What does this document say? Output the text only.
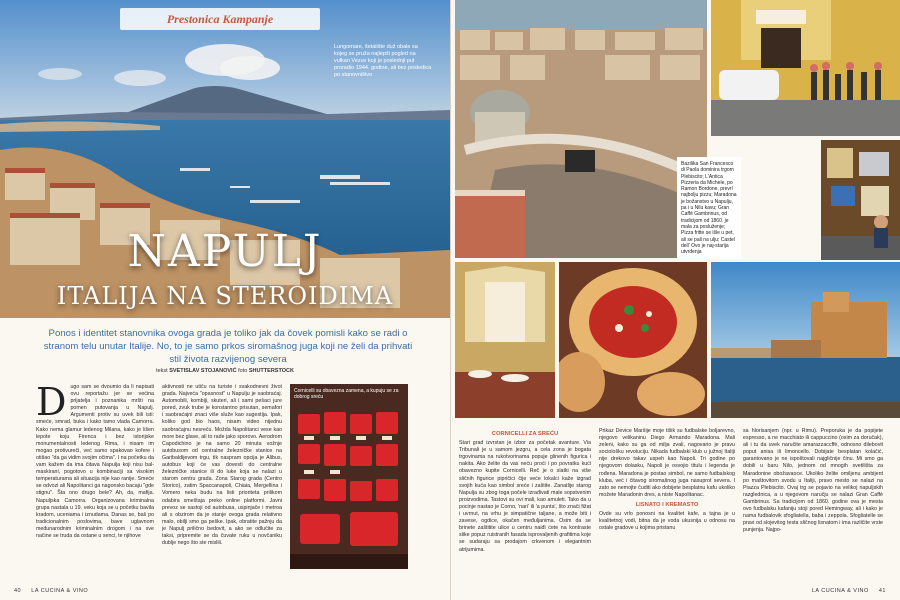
Prestonica Kampanje
Lungomare, šetalište duž obale sa kojeg se pruža najlepši pogled na vulkan Vezuv koji je poslednji put proradio 1944. godine, ali bez posledica po stanovništvo
NAPULJ
ITALIJA NA STEROIDIMA
Ponos i identitet stanovnika ovoga grada je toliko jak da čovek pomisli kako se radi o stranom telu unutar Italije. No, to je samo prkos siromašnog juga koji ne želi da prihvati stil života razvijenog severa
tekst SVETISLAV STOJANOVIĆ foto SHUTTERSTOCK
D ugo sam se dvoumio da li napisati ovu reportažu jer se većina prijatelja i poznanika mršti na pomen putovanja u Napulj. Argumenti protiv su uvek bili isti: smeće, smrad, buka i kako tamo vlada Camorra. Kako nema glamur ledenog Milana, kako je lišen lepote koju Firenca i bez istorijske monumentalnosti ledenog Rima, i nisam im mogao protivureči, već samo spakovao kofere i otišao "da ga vidim svojim očima". I na početku da vam kažem da ima čitava Napulja koji nisu bal-maskirani, pogotovo u kombinaciji sa visokim temperaturama ali situacija nije kao ranije. Smeće se odvozi ali Napolitanci ga nagonsko bacaju "gde stignu". Šta ono drugo bele? Ah, da, mafija. Napuljska Camorra. Organizovana kriminalna grupa nastala u 19. veku koja se u početku bavila kradom, uceniama i iznudama. Danas se, baš po tradicionalnim poslovima, bave uglavnom međunarodnim kriminalnim drogom i na sve načine se truda da ostane u senci, te njihove

aktivnosti ne utiču na turiste i svakodnevni život grada. Najveća "opasnost" u Napulju je saobraćaj. Automobili, kombiji, skuteri, ali i sami pešaci jure pored, zvuk trube je konstantno prisutan, semafori i saobraćajni znaci više služe kao sugestija. Ipak, koliko god bio haos, nisam video nijednu saobraćajnu nesreću. Možda Napolitanci vese kao more bez glave, ali to rade jako sporovo. Aerodrom Capodichino je na samo 20 minuta vožnje autobusom od centralne železničke stanice na Garibaldijevom trgu, tik naspram opcija je Alibus, autobus koji će vas dovesti do centralne železničke stanice ili do luke koja se nalazi u starom centru grada. Zona Starog grada (Centro Storico), zatim Spaccanapoli, Chiaia, Mergellina i Vomero neka budu na listi prioriteta prilikom odabira smeštaja preko online platformi. Javni prevoz se sastoji od autobusa, uspinjače i metroa ali s obzirom da je stanje ovoga grada relativno malo, obilji smo ga peške. Ipak, obratite pažnju da je Napulj prilično bedovit, a ako se odlučite za taksi, pripremite se da čuvate ruku u novčaniku dublje nego što ste mislili.

Cornicelli su obavezna zamena, a kupuju se za dobrog sreću
40 LA CUCINA & VINO
Bazilika San Francesco di Paola dominira trgom Plebiscito; L'Antica Pizzeria da Michele, po Ramon Bordone, prevrl najbolju pizzu; Maradona je božanstvo u Napulju, pa i u Nilu kavu; Gran Caffè Gambrinus, od tradicijom od 1860. je mala za posluženje; Pizza fritte se išle u pet, ali se pali na ulju; Castel dell' Ovo je naj-starija utvrđenja
CORNICELLI ZA SREĆU

Stari grad izvrstan je izbor za početak avanture. Via Tribunali je u samom jezgru, a cela zona je bogata trgovinama na rukotvorinama popuje glinenih figurica i nakita. Ako želite da vas neću proći i po povratku kući obavezno kupite Cornicelli. Reč je o slatki na više sličnih figurice pipričici čije veće lokalci kaže izgrad svojih kuća kao simbol sreće i zaštite. Zanatlije starog Napulja su zbog toga počele izrađivati male sopstvenim proizvodima. Tastovi su ovi mali, kao amuleti. Tako da u pocinje nastao je Corno, 'nari' ili 'a punta', što znači fižat i uvrnut, na vrhu je simpatične taljane, a može biti i zavese, ogdice, okačen međuljanima. Osim da se brinete zaštitite ulice u centru naiđi ćete na kontraste slike popuz ruistranih fasada isprovaljenih grafitima koje se sudaraju sa prodajom crkvenom i elegantnim atrijumima.

Prikaz Device Maršije moje tišik su fudbalske boljarevno, njegovo velikaninu Diego Armando Maradona. Mali zeleni, kako su ga od milja zvali, nagovario je pravu sociološku revoluciju. Nikada fudbalski klub u južnoj Italiji nije drekovo takav uspeh kao Napoli. Tri godine po njegovom dolasku, Napoli je osvojio titulu i legenda je rođena. Maradona je postao simbol, ne samo fudbalskog kluba, već i čitavog siromašnog juga nasuprot severa. I zato se nemojte čuditi ako dobijete besplatnu kafu ukoliko možete Maradonin dres, a niste Napolitanac.

LISNATO I KREMASTO

Ovde su vrlo ponosni na kvalitet kafe, a tajna je u kvalitetnoj vodi, bitna da je voda ukusnija u odnosu na ostale gradove u kojima pristanu

sa hlorisanjem (npr. u Rimu). Preporuka je da popijete espresso, a ne macchiato ili cappuccino (osim za doručak), ali i tu da uvek naručite amarazzaccffè, odnosno dilebovit poput anisa ili limoncello. Dobijate besplatan kolačić, garantovano je ne ispoštovali najgličnije činu. Mi smo ga dobili u baru Nilo, jednom od mnogih svetilišta za Maradonine obožavaoce. Ukoliko želite omiljenu ambijent po maštovitom svodu u Italiji, pravo mesto se nalazi na Piazza Plebiscito. Ovaj trg se pojavio na velikoj napuljskih razglednica, a u njegovom naručju se nalazi Gran Caffè Gambrinus. Sa tradicijom od 1860. godine ova je mesta ovo fudbalsku kafaniju stoji pored Hemingway, ali i kako je nama fudbalovik sfogliatella, baba i zeppola. Sfogliatelle se pravi od slojevitog testa sličnog lisnatom i ima različite vrste punjenja. Najpo-

LA CUCINA & VINO 41
